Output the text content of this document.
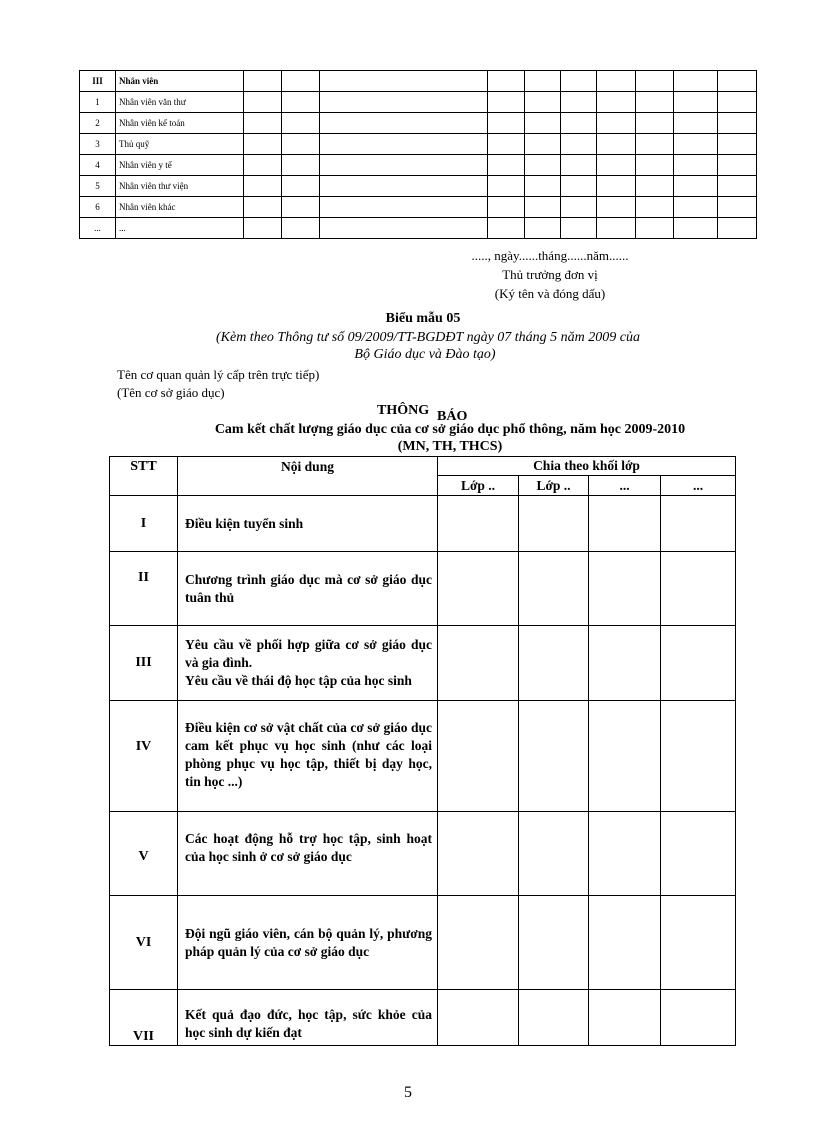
III	Nhân viên										
1	Nhân viên văn thư										
2	Nhân viên kế toán										
3	Thủ quỹ										
4	Nhân viên y tế										
5	Nhân viên thư viện										
6	Nhân viên khác										
...	...										
....., ngày......tháng......năm......
Thủ trưởng đơn vị
(Ký tên và đóng dấu)
Biểu mẫu 05
(Kèm theo Thông tư số 09/2009/TT-BGDĐT ngày 07 tháng 5 năm 2009 của
Bộ Giáo dục và Đào tạo)
Tên cơ quan quản lý cấp trên trực tiếp)
(Tên cơ sở giáo dục)
THÔNG BÁO
Cam kết chất lượng giáo dục của cơ sở giáo dục phổ thông, năm học 2009-2010
(MN, TH, THCS)
STT	Nội dung	Chia theo khối lớp			
		Lớp ..	Lớp ..	...	...
I	Điều kiện tuyển sinh				

II	Chương trình giáo dục mà cơ sở giáo dục tuân thủ				

III	Yêu cầu về phối hợp giữa cơ sở giáo dục và gia đình.
Yêu cầu về thái độ học tập của học sinh				

IV	Điều kiện cơ sở vật chất của cơ sở giáo dục cam kết phục vụ học sinh (như các loại phòng phục vụ học tập, thiết bị dạy học, tin học ...)				

V	Các hoạt động hỗ trợ học tập, sinh hoạt của học sinh ở cơ sở giáo dục				

VI	Đội ngũ giáo viên, cán bộ quản lý, phương pháp quản lý của cơ sở giáo dục				

VII	Kết quả đạo đức, học tập, sức khỏe của học sinh dự kiến đạt				

5
